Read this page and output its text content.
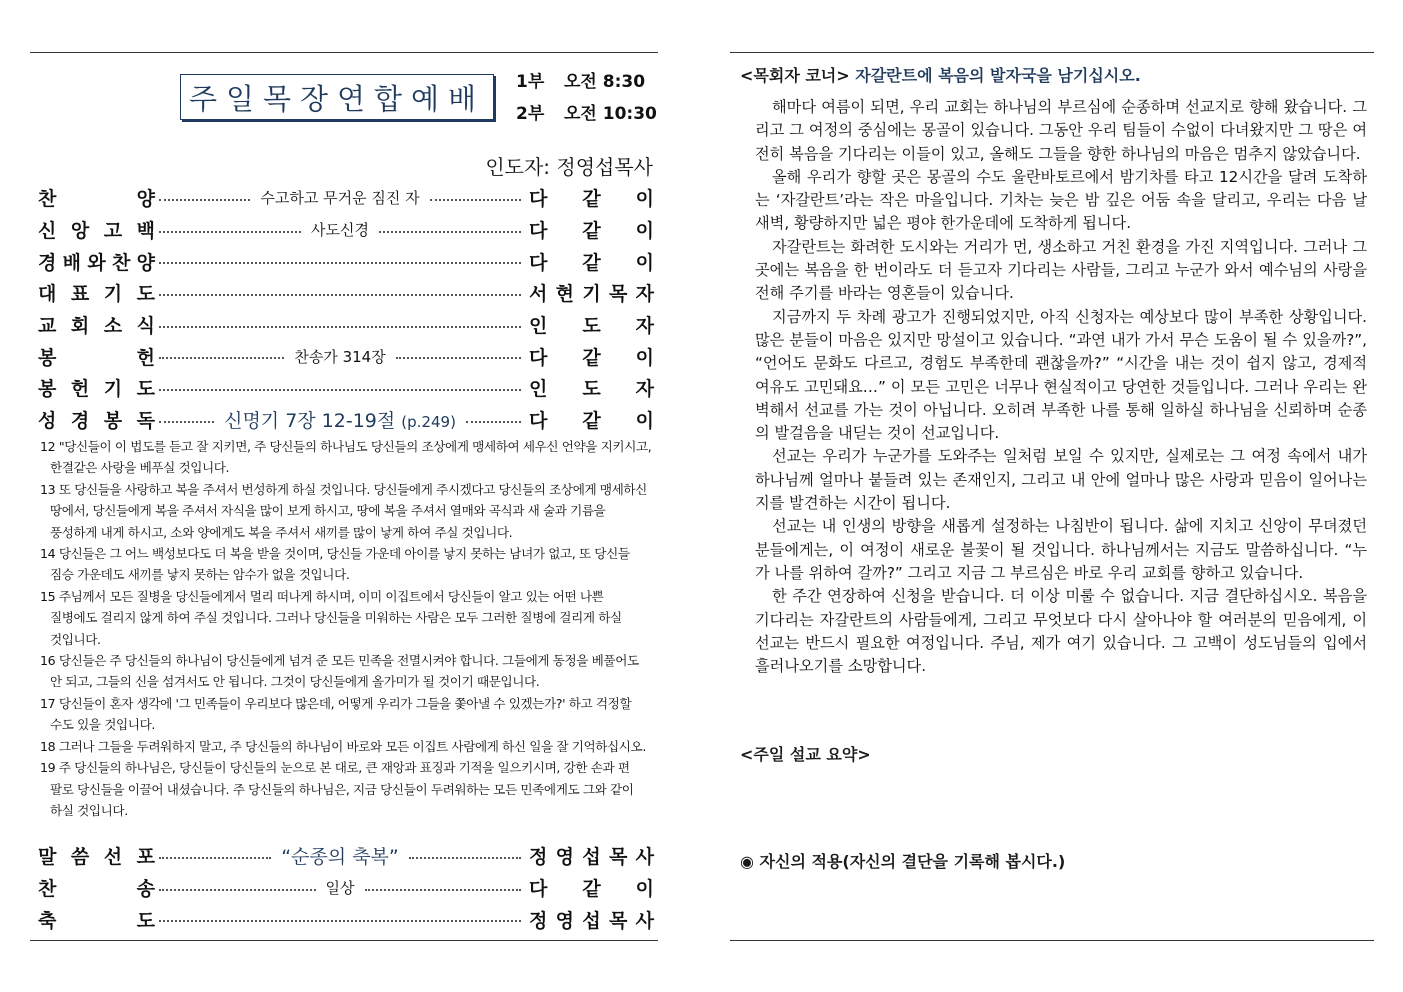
주일목장연합예배 1부 오전 8:30
2부 오전 10:30
인도자: 정영섭목사
찬	양	수고하고 무거운 짐진 자	다 같 이
신 앙 고 백	사도신경	다 같 이
경 배 와 찬 양	다 같 이
대 표 기 도	서 현 기 목 자
교 회 소 식	인 도 자
봉	헌	찬송가 314장	다 같 이
봉 헌 기 도	인 도 자
성 경 봉 독	신명기 7장 12-19절 (p.249)	다 같 이
12 "당신들이 이 법도를 듣고 잘 지키면, 주 당신들의 하나님도 당신들의 조상에게 맹세하여 세우신 언약을 지키시고,
한결같은 사랑을 베푸실 것입니다.
13 또 당신들을 사랑하고 복을 주셔서 번성하게 하실 것입니다. 당신들에게 주시겠다고 당신들의 조상에게 맹세하신
땅에서, 당신들에게 복을 주셔서 자식을 많이 보게 하시고, 땅에 복을 주셔서 열매와 곡식과 새 술과 기름을
풍성하게 내게 하시고, 소와 양에게도 복을 주셔서 새끼를 많이 낳게 하여 주실 것입니다.
14 당신들은 그 어느 백성보다도 더 복을 받을 것이며, 당신들 가운데 아이를 낳지 못하는 남녀가 없고, 또 당신들
짐승 가운데도 새끼를 낳지 못하는 암수가 없을 것입니다.
15 주님께서 모든 질병을 당신들에게서 멀리 떠나게 하시며, 이미 이집트에서 당신들이 알고 있는 어떤 나쁜
질병에도 걸리지 않게 하여 주실 것입니다. 그러나 당신들을 미워하는 사람은 모두 그러한 질병에 걸리게 하실
것입니다.
16 당신들은 주 당신들의 하나님이 당신들에게 넘겨 준 모든 민족을 전멸시켜야 합니다. 그들에게 동정을 베풀어도
안 되고, 그들의 신을 섬겨서도 안 됩니다. 그것이 당신들에게 올가미가 될 것이기 때문입니다.
17 당신들이 혼자 생각에 '그 민족들이 우리보다 많은데, 어떻게 우리가 그들을 쫓아낼 수 있겠는가?' 하고 걱정할
수도 있을 것입니다.
18 그러나 그들을 두려워하지 말고, 주 당신들의 하나님이 바로와 모든 이집트 사람에게 하신 일을 잘 기억하십시오.
19 주 당신들의 하나님은, 당신들이 당신들의 눈으로 본 대로, 큰 재앙과 표징과 기적을 일으키시며, 강한 손과 편
팔로 당신들을 이끌어 내셨습니다. 주 당신들의 하나님은, 지금 당신들이 두려워하는 모든 민족에게도 그와 같이
하실 것입니다.
말 씀 선 포	“순종의 축복”	정 영 섭 목 사
찬	송	일상	다 같 이
축	도	정 영 섭 목 사
<목회자 코너> 자갈란트에 복음의 발자국을 남기십시오.

해마다 여름이 되면, 우리 교회는 하나님의 부르심에 순종하며 선교지로 향해 왔습니다. 그리고 그 여정의 중심에는 몽골이 있습니다. 그동안 우리 팀들이 수없이 다녀왔지만 그 땅은 여전히 복음을 기다리는 이들이 있고, 올해도 그들을 향한 하나님의 마음은 멈추지 않았습니다.

올해 우리가 향할 곳은 몽골의 수도 울란바토르에서 밤기차를 타고 12시간을 달려 도착하는 ‘자갈란트’라는 작은 마을입니다. 기차는 늦은 밤 깊은 어둠 속을 달리고, 우리는 다음 날 새벽, 황량하지만 넓은 평야 한가운데에 도착하게 됩니다.

자갈란트는 화려한 도시와는 거리가 먼, 생소하고 거친 환경을 가진 지역입니다. 그러나 그곳에는 복음을 한 번이라도 더 듣고자 기다리는 사람들, 그리고 누군가 와서 예수님의 사랑을 전해 주기를 바라는 영혼들이 있습니다.

지금까지 두 차례 광고가 진행되었지만, 아직 신청자는 예상보다 많이 부족한 상황입니다. 많은 분들이 마음은 있지만 망설이고 있습니다. “과연 내가 가서 무슨 도움이 될 수 있을까?”, “언어도 문화도 다르고, 경험도 부족한데 괜찮을까?” “시간을 내는 것이 쉽지 않고, 경제적 여유도 고민돼요…” 이 모든 고민은 너무나 현실적이고 당연한 것들입니다. 그러나 우리는 완벽해서 선교를 가는 것이 아닙니다. 오히려 부족한 나를 통해 일하실 하나님을 신뢰하며 순종의 발걸음을 내딛는 것이 선교입니다.

선교는 우리가 누군가를 도와주는 일처럼 보일 수 있지만, 실제로는 그 여정 속에서 내가 하나님께 얼마나 붙들려 있는 존재인지, 그리고 내 안에 얼마나 많은 사랑과 믿음이 일어나는지를 발견하는 시간이 됩니다.

선교는 내 인생의 방향을 새롭게 설정하는 나침반이 됩니다. 삶에 지치고 신앙이 무뎌졌던 분들에게는, 이 여정이 새로운 불꽃이 될 것입니다. 하나님께서는 지금도 말씀하십니다. “누가 나를 위하여 갈까?” 그리고 지금 그 부르심은 바로 우리 교회를 향하고 있습니다.

한 주간 연장하여 신청을 받습니다. 더 이상 미룰 수 없습니다. 지금 결단하십시오. 복음을 기다리는 자갈란트의 사람들에게, 그리고 무엇보다 다시 살아나야 할 여러분의 믿음에게, 이 선교는 반드시 필요한 여정입니다. 주님, 제가 여기 있습니다. 그 고백이 성도님들의 입에서 흘러나오기를 소망합니다.

<주일 설교 요약>
◉ 자신의 적용(자신의 결단을 기록해 봅시다.)
